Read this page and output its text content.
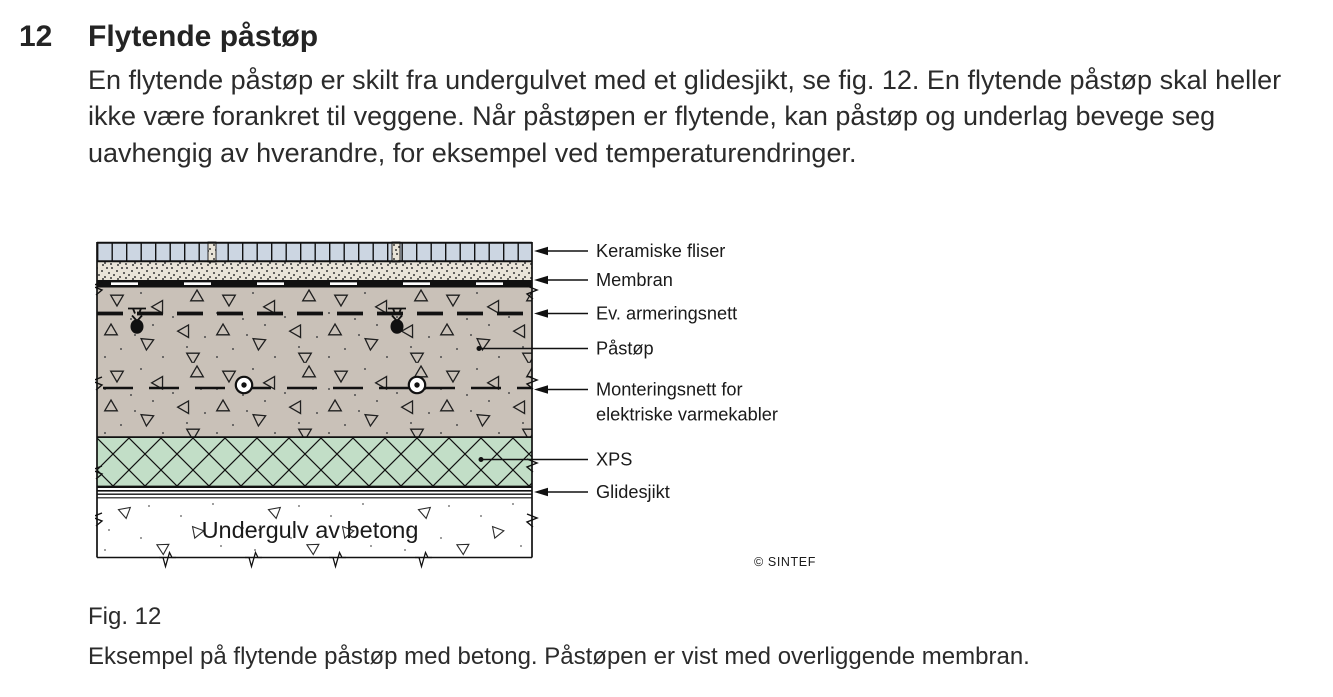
12 Flytende påstøp
En flytende påstøp er skilt fra undergulvet med et glidesjikt, se fig. 12. En flytende påstøp skal heller ikke være forankret til veggene. Når påstøpen er flytende, kan påstøp og underlag bevege seg uavhengig av hverandre, for eksempel ved temperaturendringer.
Undergulv av betong
Keramiske fliser
Membran
Ev. armeringsnett
Påstøp
Monteringsnett for
elektriske varmekabler
XPS
Glidesjikt
© SINTEF
Fig. 12
Eksempel på flytende påstøp med betong. Påstøpen er vist med overliggende membran.
